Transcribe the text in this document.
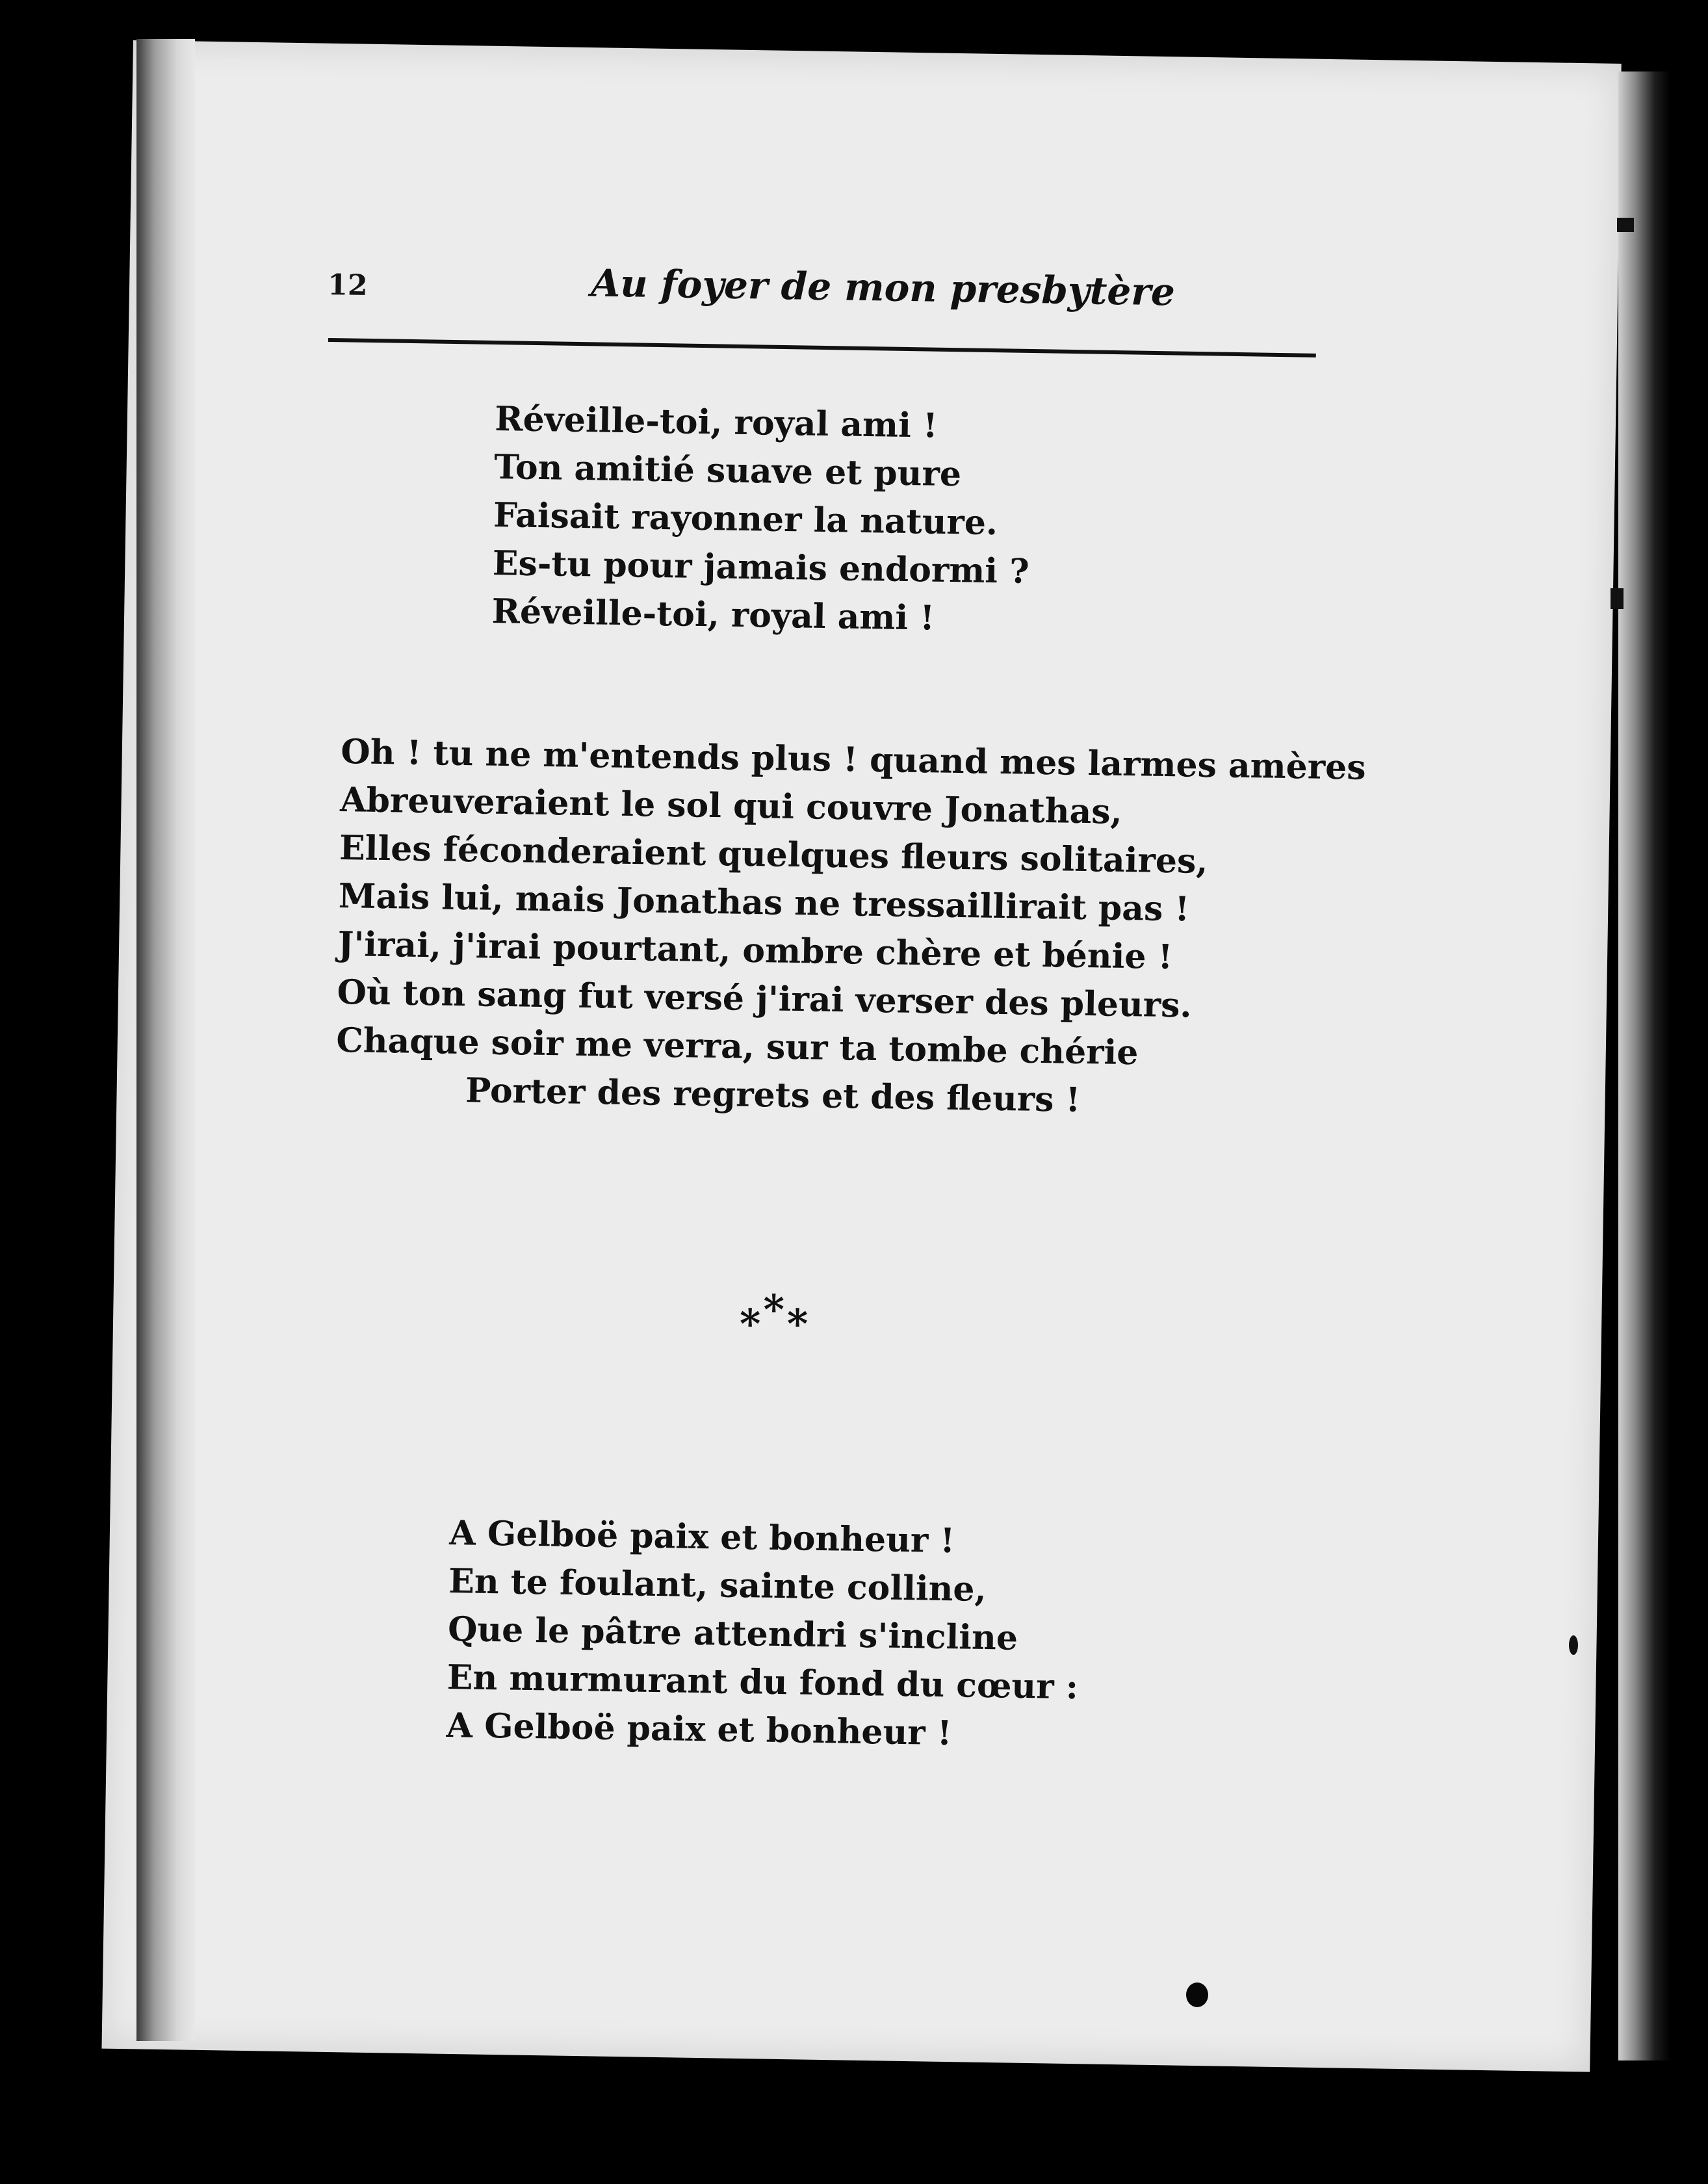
12	Au foyer de mon presbytère
Réveille-toi, royal ami !
Ton amitié suave et pure
Faisait rayonner la nature.
Es-tu pour jamais endormi ?
Réveille-toi, royal ami !
Oh ! tu ne m'entends plus ! quand mes larmes amères
Abreuveraient le sol qui couvre Jonathas,
Elles féconderaient quelques fleurs solitaires,
Mais lui, mais Jonathas ne tressaillirait pas !
J'irai, j'irai pourtant, ombre chère et bénie !
Où ton sang fut versé j'irai verser des pleurs.
Chaque soir me verra, sur ta tombe chérie
Porter des regrets et des fleurs !
***
A Gelboë paix et bonheur !
En te foulant, sainte colline,
Que le pâtre attendri s'incline
En murmurant du fond du cœur :
A Gelboë paix et bonheur !
